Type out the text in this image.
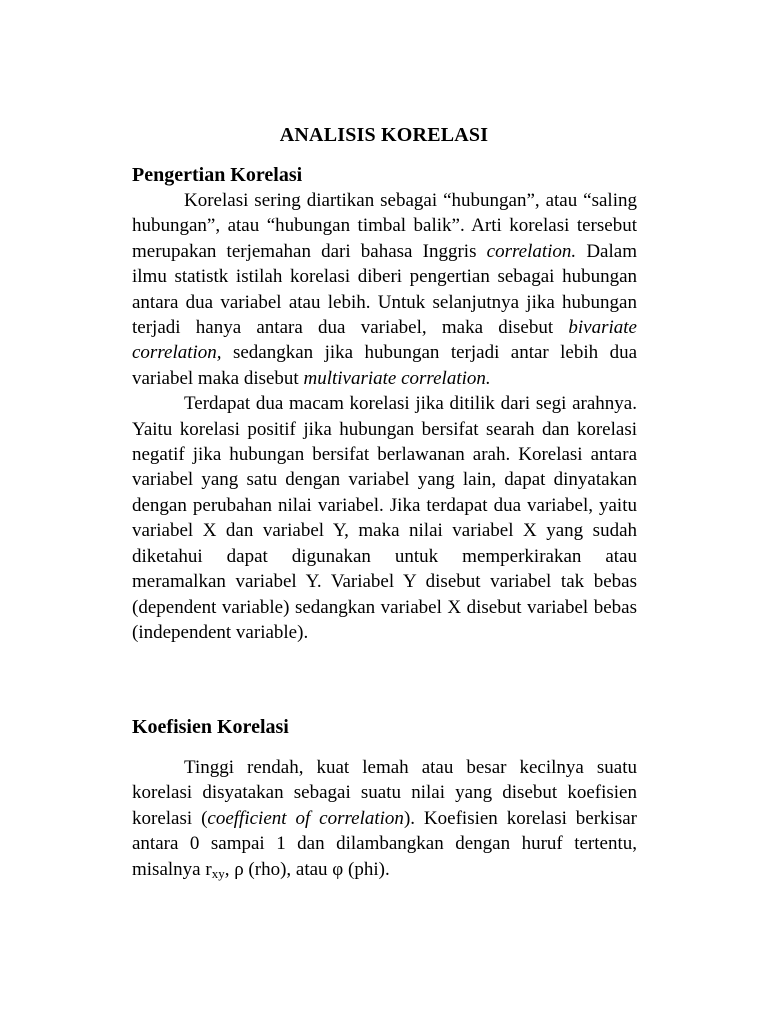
ANALISIS KORELASI
Pengertian Korelasi

Korelasi sering diartikan sebagai “hubungan”, atau “saling hubungan”, atau “hubungan timbal balik”. Arti korelasi tersebut merupakan terjemahan dari bahasa Inggris correlation. Dalam ilmu statistk istilah korelasi diberi pengertian sebagai hubungan antara dua variabel atau lebih. Untuk selanjutnya jika hubungan terjadi hanya antara dua variabel, maka disebut bivariate correlation, sedangkan jika hubungan terjadi antar lebih dua variabel maka disebut multivariate correlation.

Terdapat dua macam korelasi jika ditilik dari segi arahnya. Yaitu korelasi positif jika hubungan bersifat searah dan korelasi negatif jika hubungan bersifat berlawanan arah. Korelasi antara variabel yang satu dengan variabel yang lain, dapat dinyatakan dengan perubahan nilai variabel. Jika terdapat dua variabel, yaitu variabel X dan variabel Y, maka nilai variabel X yang sudah diketahui dapat digunakan untuk memperkirakan atau meramalkan variabel Y. Variabel Y disebut variabel tak bebas (dependent variable) sedangkan variabel X disebut variabel bebas (independent variable).

Koefisien Korelasi

Tinggi rendah, kuat lemah atau besar kecilnya suatu korelasi disyatakan sebagai suatu nilai yang disebut koefisien korelasi (coefficient of correlation). Koefisien korelasi berkisar antara 0 sampai 1 dan dilambangkan dengan huruf tertentu, misalnya $r_{xy}$, ρ (rho), atau φ (phi).
